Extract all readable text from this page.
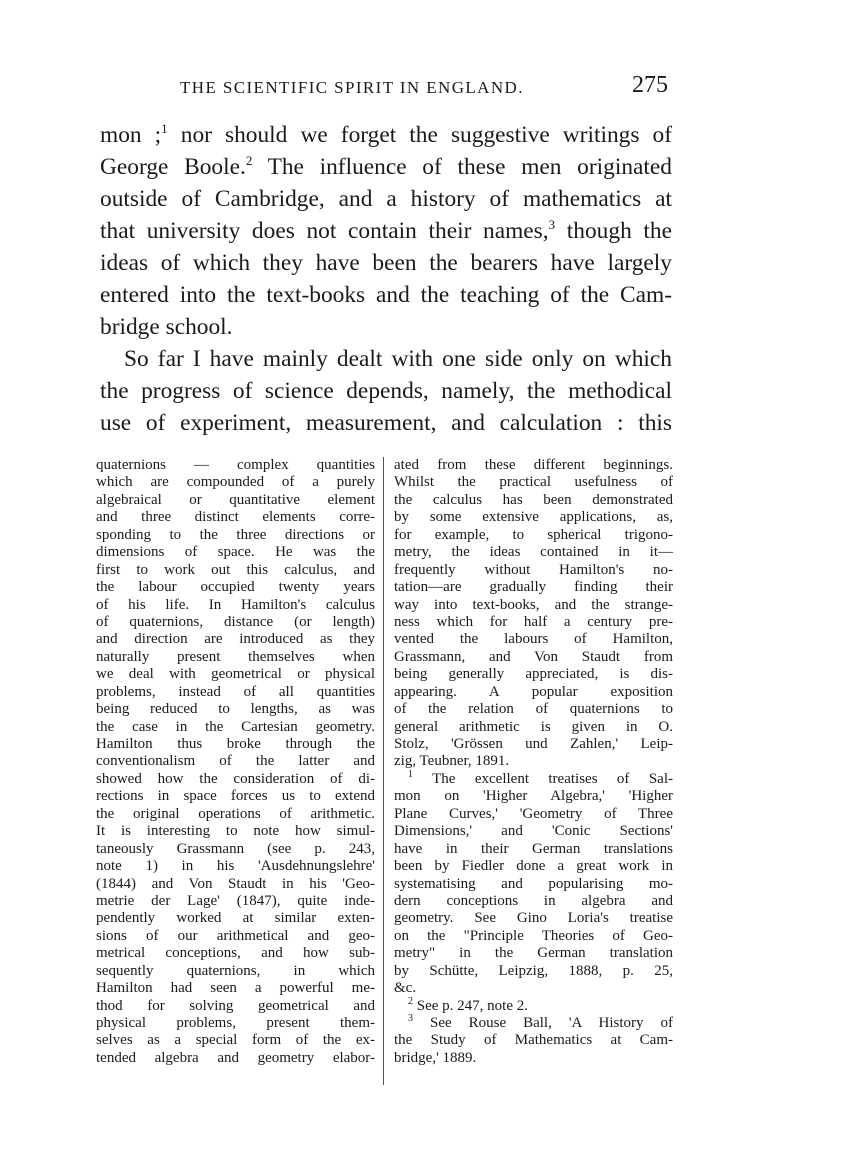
THE SCIENTIFIC SPIRIT IN ENGLAND.	275
mon ;$^1$ nor should we forget the suggestive writings of
George Boole.$^2$ The influence of these men originated
outside of Cambridge, and a history of mathematics at
that university does not contain their names,$^3$ though the
ideas of which they have been the bearers have largely
entered into the text-books and the teaching of the Cam-
bridge school.
So far I have mainly dealt with one side only on which
the progress of science depends, namely, the methodical
use of experiment, measurement, and calculation : this
quaternions — complex quantities
which are compounded of a purely
algebraical or quantitative element
and three distinct elements corre-
sponding to the three directions or
dimensions of space. He was the
first to work out this calculus, and
the labour occupied twenty years
of his life. In Hamilton's calculus
of quaternions, distance (or length)
and direction are introduced as they
naturally present themselves when
we deal with geometrical or physical
problems, instead of all quantities
being reduced to lengths, as was
the case in the Cartesian geometry.
Hamilton thus broke through the
conventionalism of the latter and
showed how the consideration of di-
rections in space forces us to extend
the original operations of arithmetic.
It is interesting to note how simul-
taneously Grassmann (see p. 243,
note 1) in his 'Ausdehnungslehre'
(1844) and Von Staudt in his 'Geo-
metrie der Lage' (1847), quite inde-
pendently worked at similar exten-
sions of our arithmetical and geo-
metrical conceptions, and how sub-
sequently quaternions, in which
Hamilton had seen a powerful me-
thod for solving geometrical and
physical problems, present them-
selves as a special form of the ex-
tended algebra and geometry elabor-
ated from these different beginnings.
Whilst the practical usefulness of
the calculus has been demonstrated
by some extensive applications, as,
for example, to spherical trigono-
metry, the ideas contained in it—
frequently without Hamilton's no-
tation—are gradually finding their
way into text-books, and the strange-
ness which for half a century pre-
vented the labours of Hamilton,
Grassmann, and Von Staudt from
being generally appreciated, is dis-
appearing. A popular exposition
of the relation of quaternions to
general arithmetic is given in O.
Stolz, 'Grössen und Zahlen,' Leip-
zig, Teubner, 1891.
$^1$ The excellent treatises of Sal-
mon on 'Higher Algebra,' 'Higher
Plane Curves,' 'Geometry of Three
Dimensions,' and 'Conic Sections'
have in their German translations
been by Fiedler done a great work in
systematising and popularising mo-
dern conceptions in algebra and
geometry. See Gino Loria's treatise
on the "Principle Theories of Geo-
metry" in the German translation
by Schütte, Leipzig, 1888, p. 25,
&c.
$^2$ See p. 247, note 2.
$^3$ See Rouse Ball, 'A History of
the Study of Mathematics at Cam-
bridge,' 1889.
